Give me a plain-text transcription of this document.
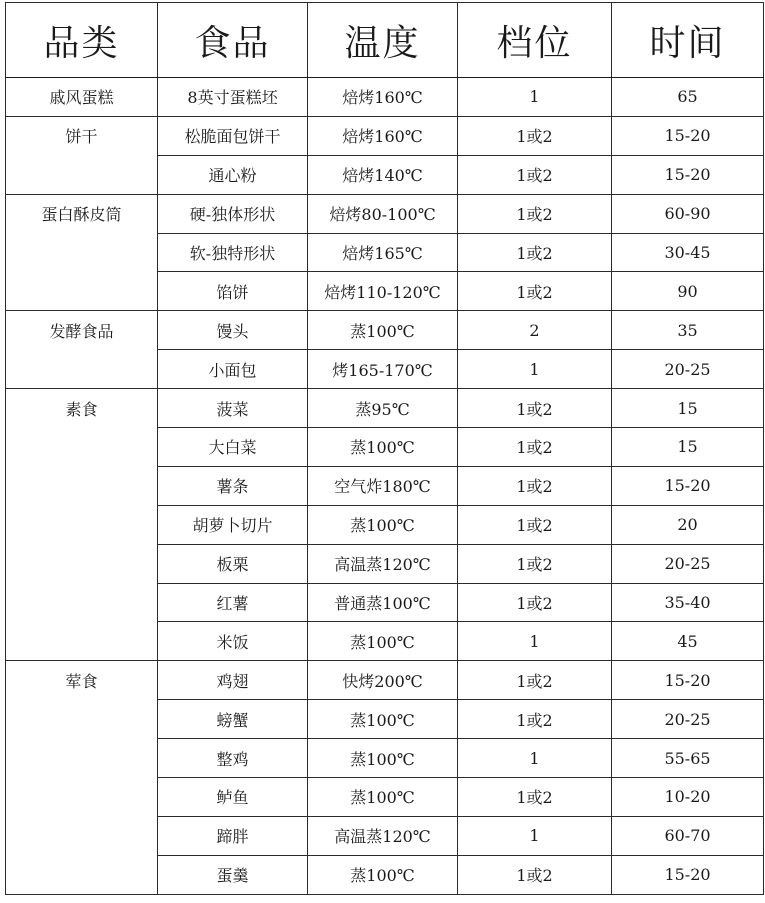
品类	食品	温度	档位	时间
戚风蛋糕	8英寸蛋糕坯	焙烤160℃	1	65
饼干	松脆面包饼干	焙烤160℃	1或2	15-20
	通心粉	焙烤140℃	1或2	15-20
蛋白酥皮筒	硬-独体形状	焙烤80-100℃	1或2	60-90
	软-独特形状	焙烤165℃	1或2	30-45
	馅饼	焙烤110-120℃	1或2	90
发酵食品	馒头	蒸100℃	2	35
	小面包	烤165-170℃	1	20-25
素食	菠菜	蒸95℃	1或2	15
	大白菜	蒸100℃	1或2	15
	薯条	空气炸180℃	1或2	15-20
	胡萝卜切片	蒸100℃	1或2	20
	板栗	高温蒸120℃	1或2	20-25
	红薯	普通蒸100℃	1或2	35-40
	米饭	蒸100℃	1	45
荤食	鸡翅	快烤200℃	1或2	15-20
	螃蟹	蒸100℃	1或2	20-25
	整鸡	蒸100℃	1	55-65
	鲈鱼	蒸100℃	1或2	10-20
	蹄胖	高温蒸120℃	1	60-70
	蛋羹	蒸100℃	1或2	15-20
